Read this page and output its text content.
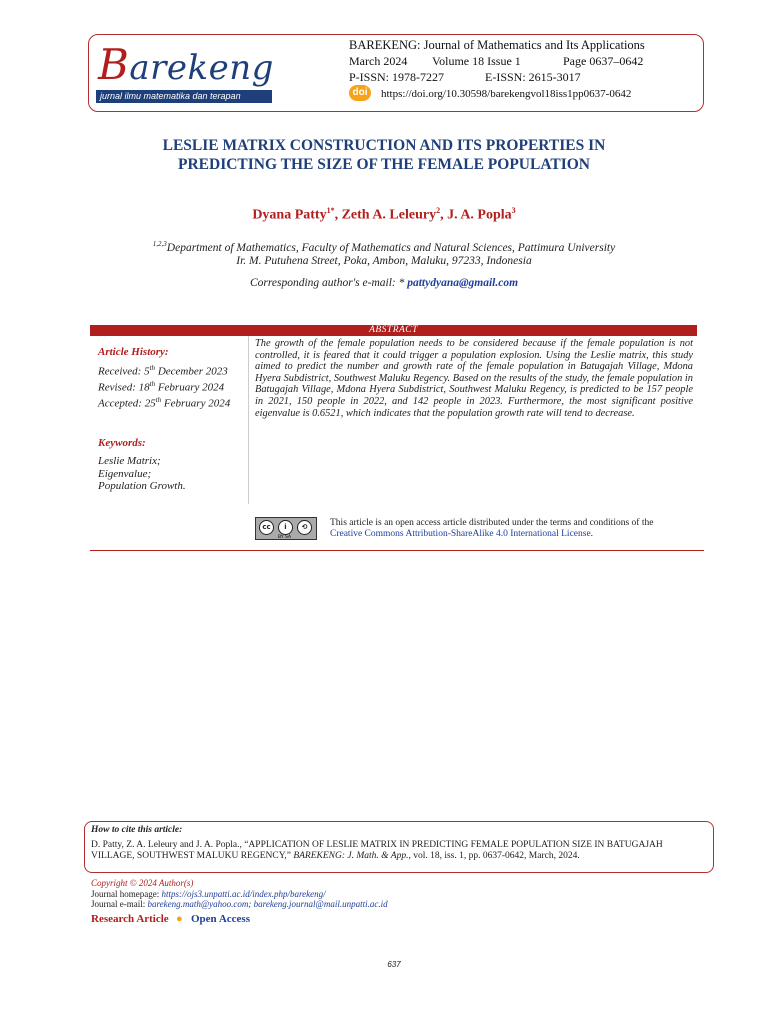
Barekeng
jurnal ilmu matematika dan terapan
BAREKENG: Journal of Mathematics and Its Applications
March 2024 Volume 18 Issue 1	Page 0637–0642
P-ISSN: 1978-7227	E-ISSN: 2615-3017
doi	https://doi.org/10.30598/barekengvol18iss1pp0637-0642
LESLIE MATRIX CONSTRUCTION AND ITS PROPERTIES IN
PREDICTING THE SIZE OF THE FEMALE POPULATION
Dyana Patty$^{1*}$, Zeth A. Leleury$^2$, J. A. Popla$^3$
$^{1,2,3}$Department of Mathematics, Faculty of Mathematics and Natural Sciences, Pattimura University
Ir. M. Putuhena Street, Poka, Ambon, Maluku, 97233, Indonesia
Corresponding author's e-mail: * pattydyana@gmail.com
ABSTRACT
Article History:
Received: 5th December 2023
Revised: 18th February 2024
Accepted: 25th February 2024
Keywords:
Leslie Matrix;
Eigenvalue;
Population Growth.
The growth of the female population needs to be considered because if the female population is not controlled, it is feared that it could trigger a population explosion. Using the Leslie matrix, this study aimed to predict the number and growth rate of the female population in Batugajah Village, Mdona Hyera Subdistrict, Southwest Maluku Regency. Based on the results of the study, the female population in Batugajah Village, Mdona Hyera Subdistrict, Southwest Maluku Regency, is predicted to be 157 people in 2021, 150 people in 2022, and 142 people in 2023. Furthermore, the most significant positive eigenvalue is 0.6521, which indicates that the population growth rate will tend to decrease.
cc	i	⟲
BY SA
This article is an open access article distributed under the terms and conditions of the
Creative Commons Attribution-ShareAlike 4.0 International License.
How to cite this article:
D. Patty, Z. A. Leleury and J. A. Popla., “APPLICATION OF LESLIE MATRIX IN PREDICTING FEMALE POPULATION SIZE IN BATUGAJAH VILLAGE, SOUTHWEST MALUKU REGENCY,” BAREKENG: J. Math. & App., vol. 18, iss. 1, pp. 0637-0642, March, 2024.
Copyright © 2024 Author(s)
Journal homepage: https://ojs3.unpatti.ac.id/index.php/barekeng/
Journal e-mail: barekeng.math@yahoo.com; barekeng.journal@mail.unpatti.ac.id
Research Article ● Open Access
637
